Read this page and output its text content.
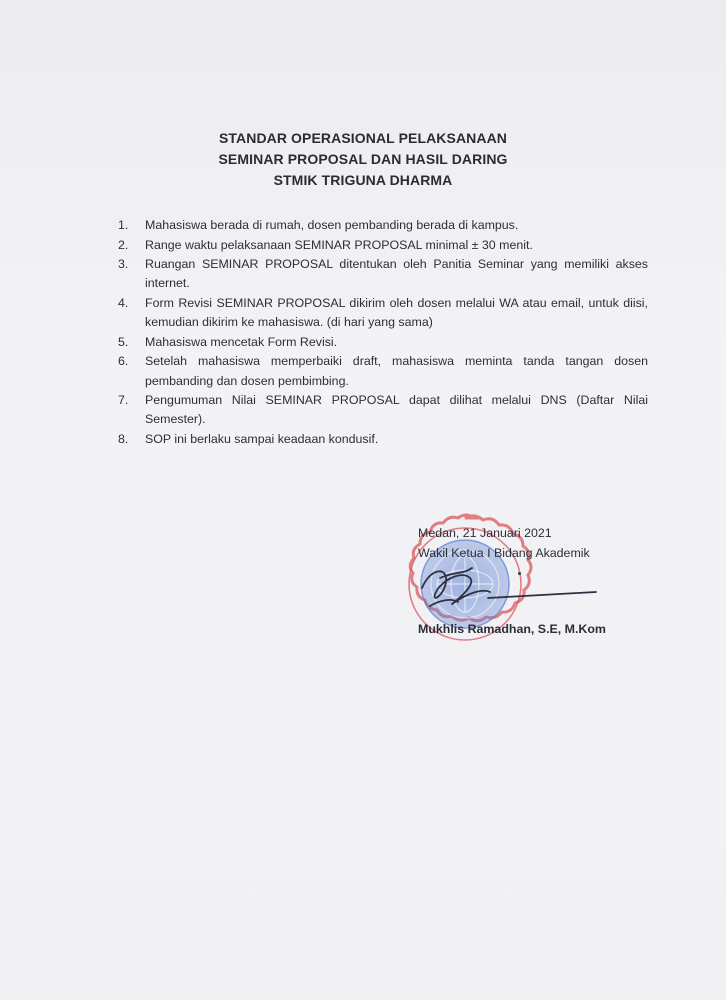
STANDAR OPERASIONAL PELAKSANAAN
SEMINAR PROPOSAL DAN HASIL DARING
STMIK TRIGUNA DHARMA
1.	Mahasiswa berada di rumah, dosen pembanding berada di kampus.
2.	Range waktu pelaksanaan SEMINAR PROPOSAL minimal ± 30 menit.
3.	Ruangan SEMINAR PROPOSAL ditentukan oleh Panitia Seminar yang memiliki akses internet.
4.	Form Revisi SEMINAR PROPOSAL dikirim oleh dosen melalui WA atau email, untuk diisi, kemudian dikirim ke mahasiswa. (di hari yang sama)
5.	Mahasiswa mencetak Form Revisi.
6.	Setelah mahasiswa memperbaiki draft, mahasiswa meminta tanda tangan dosen pembanding dan dosen pembimbing.
7.	Pengumuman Nilai SEMINAR PROPOSAL dapat dilihat melalui DNS (Daftar Nilai Semester).
8.	SOP ini berlaku sampai keadaan kondusif.
Medan, 21 Januari 2021
Wakil Ketua I Bidang Akademik
Mukhlis Ramadhan, S.E, M.Kom
